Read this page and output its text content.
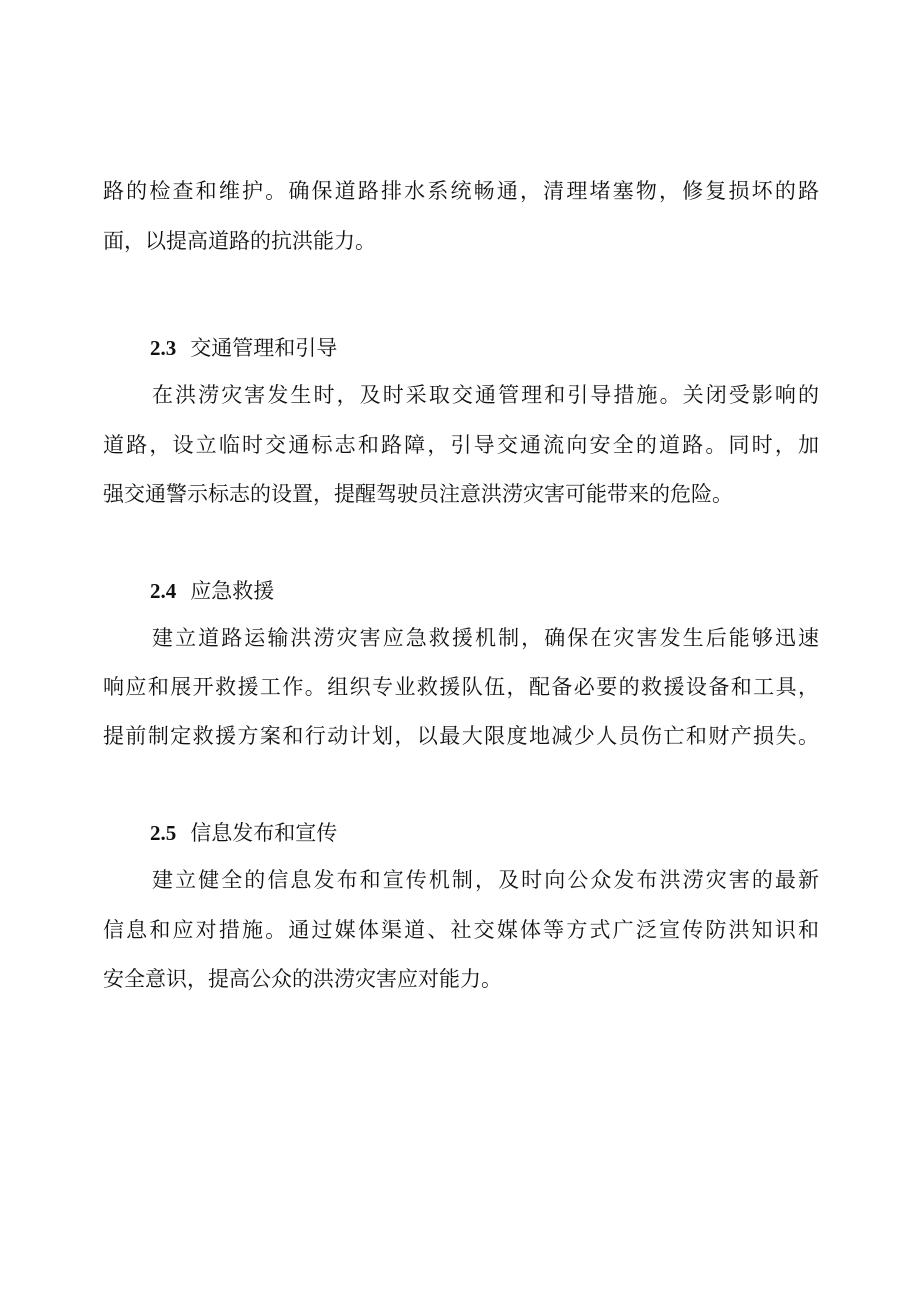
路的检查和维护。确保道路排水系统畅通，清理堵塞物，修复损坏的路
面，以提高道路的抗洪能力。
2.3 交通管理和引导
在洪涝灾害发生时，及时采取交通管理和引导措施。关闭受影响的
道路，设立临时交通标志和路障，引导交通流向安全的道路。同时，加
强交通警示标志的设置，提醒驾驶员注意洪涝灾害可能带来的危险。
2.4 应急救援
建立道路运输洪涝灾害应急救援机制，确保在灾害发生后能够迅速
响应和展开救援工作。组织专业救援队伍，配备必要的救援设备和工具，
提前制定救援方案和行动计划，以最大限度地减少人员伤亡和财产损失。
2.5 信息发布和宣传
建立健全的信息发布和宣传机制，及时向公众发布洪涝灾害的最新
信息和应对措施。通过媒体渠道、社交媒体等方式广泛宣传防洪知识和
安全意识，提高公众的洪涝灾害应对能力。
